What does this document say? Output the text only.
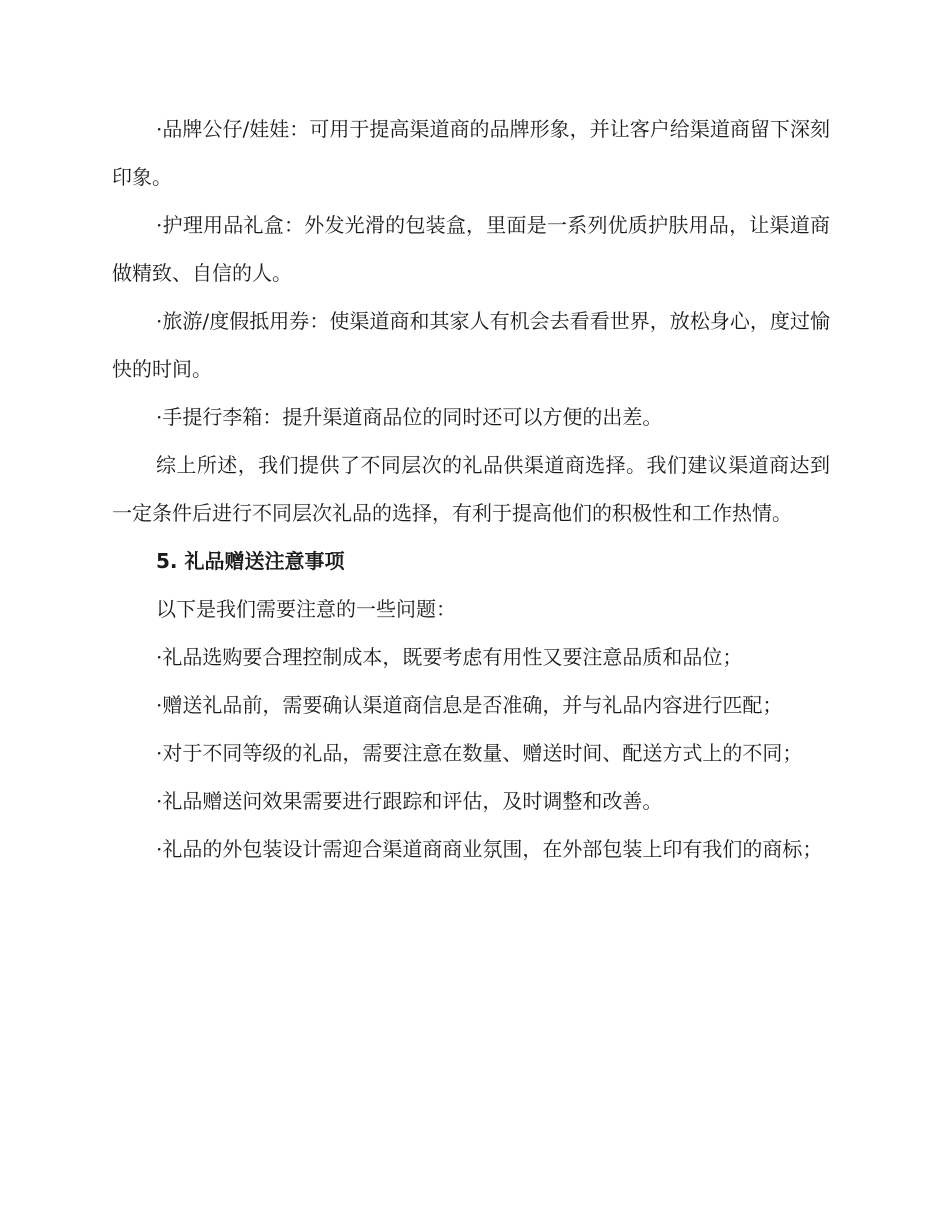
·品牌公仔/娃娃：可用于提高渠道商的品牌形象，并让客户给渠道商留下深刻印象。

·护理用品礼盒：外发光滑的包装盒，里面是一系列优质护肤用品，让渠道商做精致、自信的人。

·旅游/度假抵用券：使渠道商和其家人有机会去看看世界，放松身心，度过愉快的时间。

·手提行李箱：提升渠道商品位的同时还可以方便的出差。

综上所述，我们提供了不同层次的礼品供渠道商选择。我们建议渠道商达到一定条件后进行不同层次礼品的选择，有利于提高他们的积极性和工作热情。

5. 礼品赠送注意事项

以下是我们需要注意的一些问题：

·礼品选购要合理控制成本，既要考虑有用性又要注意品质和品位；

·赠送礼品前，需要确认渠道商信息是否准确，并与礼品内容进行匹配；

·对于不同等级的礼品，需要注意在数量、赠送时间、配送方式上的不同；

·礼品赠送问效果需要进行跟踪和评估，及时调整和改善。

·礼品的外包装设计需迎合渠道商商业氛围，在外部包装上印有我们的商标；
